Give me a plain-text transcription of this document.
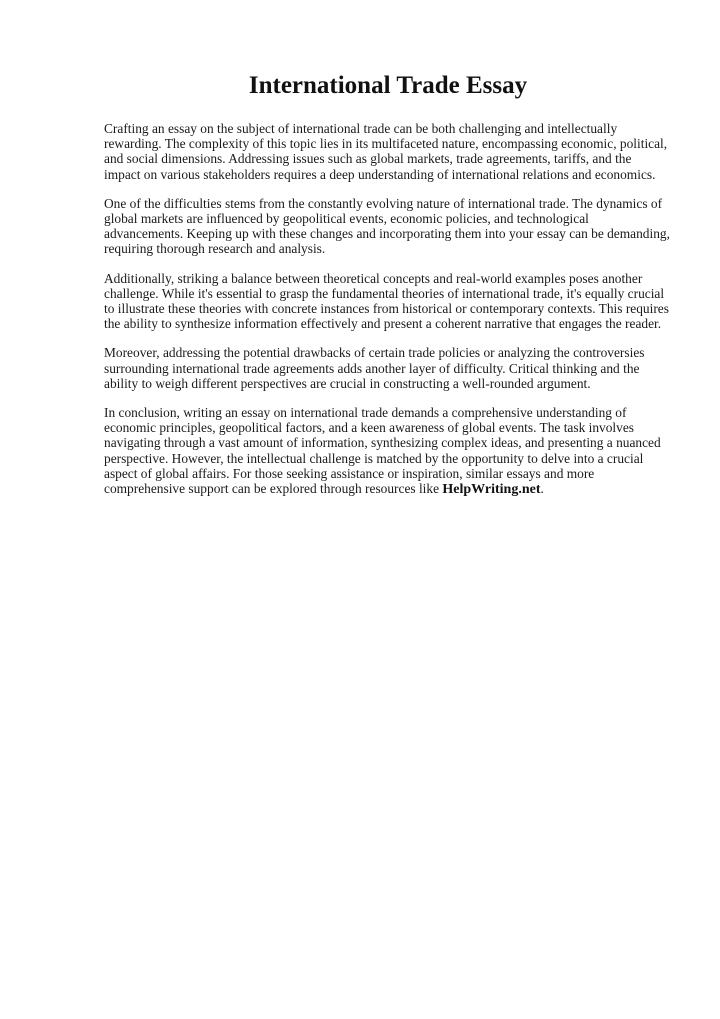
International Trade Essay

Crafting an essay on the subject of international trade can be both challenging and intellectually rewarding. The complexity of this topic lies in its multifaceted nature, encompassing economic, political, and social dimensions. Addressing issues such as global markets, trade agreements, tariffs, and the impact on various stakeholders requires a deep understanding of international relations and economics.

One of the difficulties stems from the constantly evolving nature of international trade. The dynamics of global markets are influenced by geopolitical events, economic policies, and technological advancements. Keeping up with these changes and incorporating them into your essay can be demanding, requiring thorough research and analysis.

Additionally, striking a balance between theoretical concepts and real-world examples poses another challenge. While it's essential to grasp the fundamental theories of international trade, it's equally crucial to illustrate these theories with concrete instances from historical or contemporary contexts. This requires the ability to synthesize information effectively and present a coherent narrative that engages the reader.

Moreover, addressing the potential drawbacks of certain trade policies or analyzing the controversies surrounding international trade agreements adds another layer of difficulty. Critical thinking and the ability to weigh different perspectives are crucial in constructing a well-rounded argument.

In conclusion, writing an essay on international trade demands a comprehensive understanding of economic principles, geopolitical factors, and a keen awareness of global events. The task involves navigating through a vast amount of information, synthesizing complex ideas, and presenting a nuanced perspective. However, the intellectual challenge is matched by the opportunity to delve into a crucial aspect of global affairs. For those seeking assistance or inspiration, similar essays and more comprehensive support can be explored through resources like HelpWriting.net.
